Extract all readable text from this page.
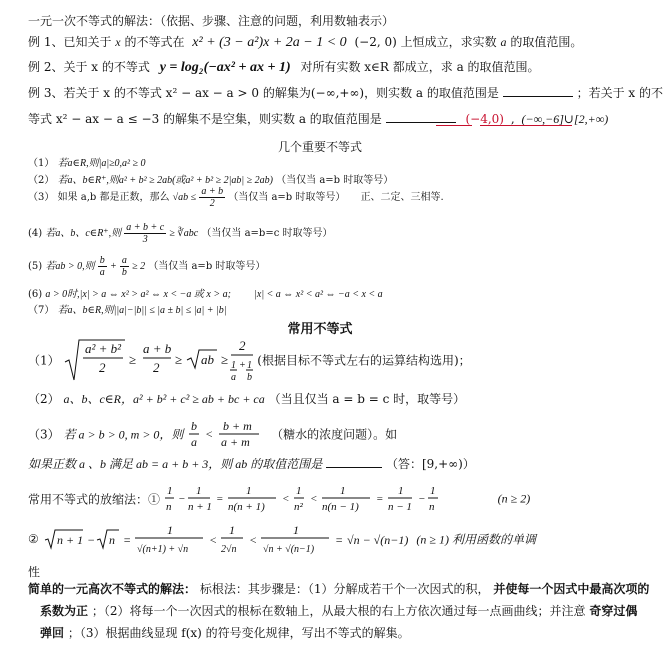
一元一次不等式的解法：（依据、步骤、注意的问题，利用数轴表示）
例 1、已知关于 x 的不等式在 x² + (3 − a²)x + 2a − 1 < 0 (−2, 0) 上恒成立，求实数 a 的取值范围。
例 2、关于 x 的不等式 y = log₂(−ax² + ax + 1) 对所有实数 x∈R 都成立，求 a 的取值范围。
例 3、若关于 x 的不等式 x² − ax − a > 0 的解集为(−∞,+∞)，则实数 a 的取值范围是	；若关于 x 的不
等式 x² − ax − a ≤ −3 的解集不是空集，则实数 a 的取值范围是	(−4,0) , (−∞,−6]∪[2,+∞)
几个重要不等式
（1） 若a∈R,则|a|≥0,a² ≥ 0
（2） 若a、b∈R⁺,则a² + b² ≥ 2ab(或a² + b² ≥ 2|ab| ≥ 2ab) （当仅当 a=b 时取等号）
（3） 如果 a,b 都是正数，那么 $√ab \le \frac{a + b}{2}$ （当仅当 a=b 时取等号） 正、二定、三相等.
(4) 若a、b、c∈R⁺,则 $\frac{a + b + c}{3}$ ≥ ∛abc （当仅当 a=b=c 时取等号）
(5) 若ab > 0,则 $\frac{b}{a} + \frac{a}{b} \ge 2$ （当仅当 a=b 时取等号）
(6) a > 0时,|x| > a ⇔ x² > a² ⇔ x < −a 或 x > a; |x| < a ⇔ x² < a² ⇔ −a < x < a
（7） 若a、b∈R,则||a|−|b|| ≤ |a ± b| ≤ |a| + |b|
常用不等式
（1）
a² + b²
2
≥
a + b
2
≥ ab ≥
2
1 + 1
a b
(根据目标不等式左右的运算结构选用)；
（2） a、b、c∈R，a² + b² + c² ≥ ab + bc + ca （当且仅当 a = b = c 时，取等号）
（3） 若 a > b > 0, m > 0，则
b
a
<
b + m
a + m
（糖水的浓度问题）。如
如果正数 a 、b 满足 ab = a + b + 3，则 ab 的取值范围是	（答：[9,+∞)）
常用不等式的放缩法：①
1
n
−
1
n + 1
=
1
n(n + 1)
<
1
n²
<
1
n(n − 1)
=
1
n − 1
−
1
n
(n ≥ 2)
② n + 1 − n =
1
√(n+1) + √n
<
1
2√n
<
1
√n + √(n−1)
= √n − √(n−1) (n ≥ 1) 利用函数的单调
性
简单的一元高次不等式的解法： 标根法：其步骤是：（1）分解成若干个一次因式的积， 并使每一个因式中最高次项的
系数为正 ；（2）将每一个一次因式的根标在数轴上，从最大根的右上方依次通过每一点画曲线；并注意 奇穿过偶
弹回 ；（3）根据曲线显现 f(x) 的符号变化规律，写出不等式的解集。
